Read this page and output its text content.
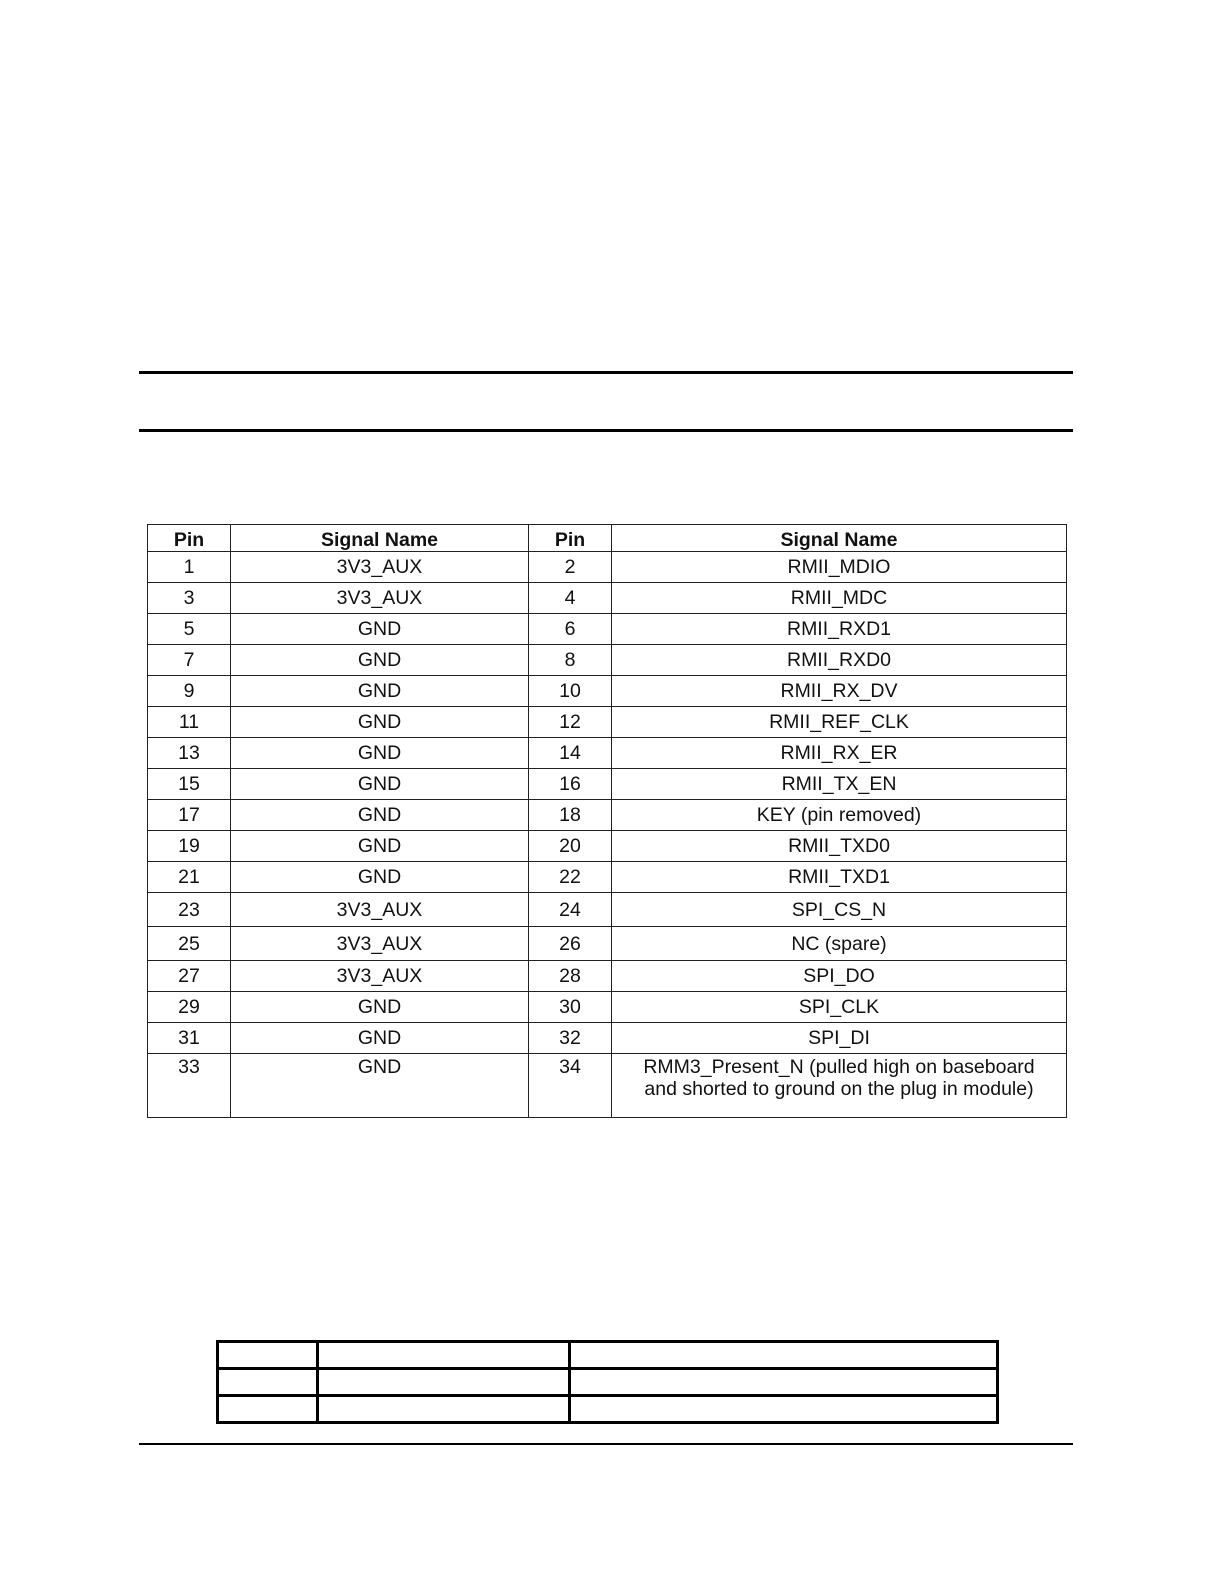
Pin	Signal Name	Pin	Signal Name
1	3V3_AUX	2	RMII_MDIO
3	3V3_AUX	4	RMII_MDC
5	GND	6	RMII_RXD1
7	GND	8	RMII_RXD0
9	GND	10	RMII_RX_DV
11	GND	12	RMII_REF_CLK
13	GND	14	RMII_RX_ER
15	GND	16	RMII_TX_EN
17	GND	18	KEY (pin removed)
19	GND	20	RMII_TXD0
21	GND	22	RMII_TXD1
23	3V3_AUX	24	SPI_CS_N
25	3V3_AUX	26	NC (spare)
27	3V3_AUX	28	SPI_DO
29	GND	30	SPI_CLK
31	GND	32	SPI_DI
33	GND	34	RMM3_Present_N (pulled high on baseboard
and shorted to ground on the plug in module)
